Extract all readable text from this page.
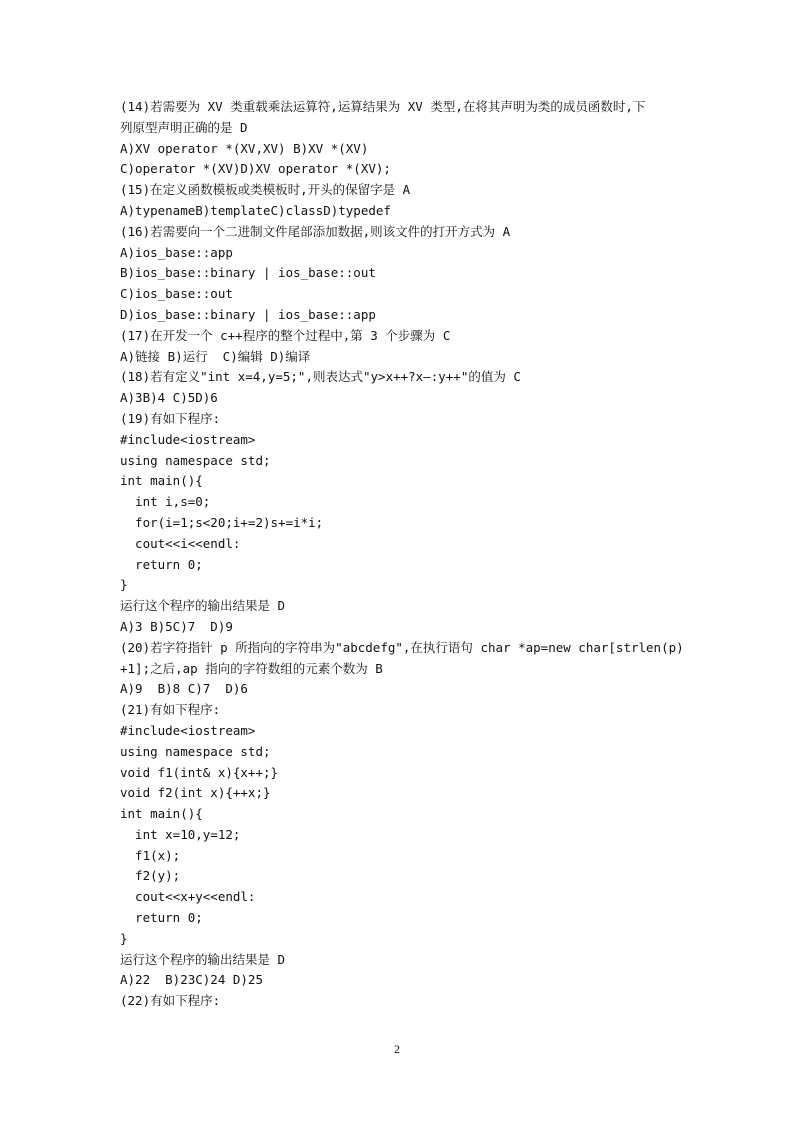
(14)若需要为 XV 类重载乘法运算符,运算结果为 XV 类型,在将其声明为类的成员函数时,下
列原型声明正确的是 D
A)XV operator *(XV,XV) B)XV *(XV)
C)operator *(XV)D)XV operator *(XV);
(15)在定义函数模板或类模板时,开头的保留字是 A
A)typenameB)templateC)classD)typedef
(16)若需要向一个二进制文件尾部添加数据,则该文件的打开方式为 A
A)ios_base::app
B)ios_base::binary | ios_base::out
C)ios_base::out
D)ios_base::binary | ios_base::app
(17)在开发一个 c++程序的整个过程中,第 3 个步骤为 C
A)链接 B)运行  C)编辑 D)编译
(18)若有定义"int x=4,y=5;",则表达式"y>x++?x—:y++"的值为 C
A)3B)4 C)5D)6
(19)有如下程序:
#include<iostream>
using namespace std;
int main(){
int i,s=0;
for(i=1;s<20;i+=2)s+=i*i;
cout<<i<<endl:
return 0;
}
运行这个程序的输出结果是 D
A)3 B)5C)7  D)9
(20)若字符指针 p 所指向的字符串为"abcdefg",在执行语句 char *ap=new char[strlen(p)
+1];之后,ap 指向的字符数组的元素个数为 B
A)9  B)8 C)7  D)6
(21)有如下程序:
#include<iostream>
using namespace std;
void f1(int& x){x++;}
void f2(int x){++x;}
int main(){
int x=10,y=12;
f1(x);
f2(y);
cout<<x+y<<endl:
return 0;
}
运行这个程序的输出结果是 D
A)22  B)23C)24 D)25
(22)有如下程序:
2
